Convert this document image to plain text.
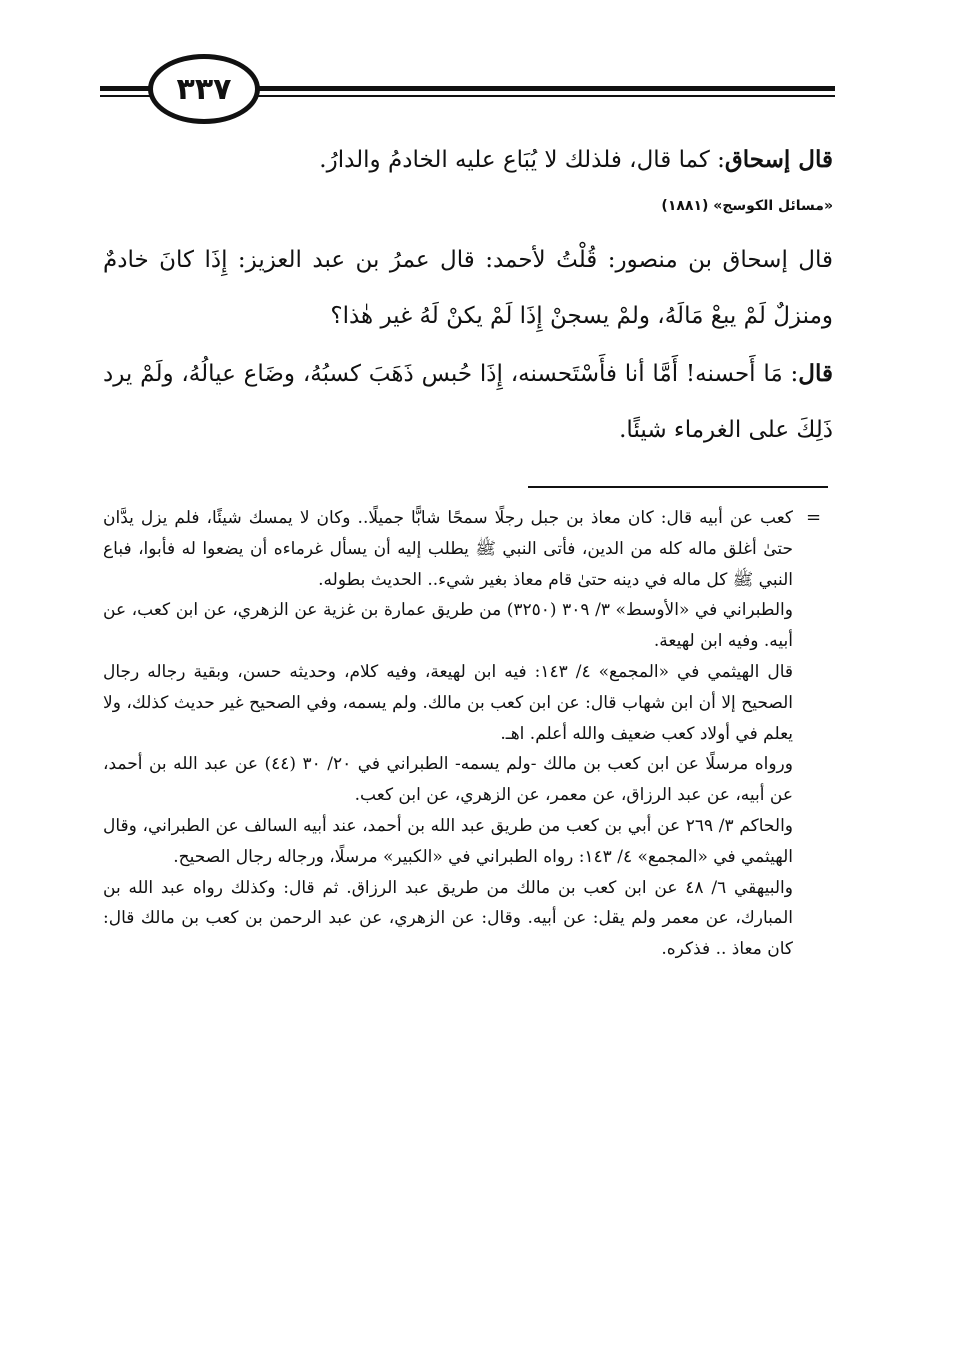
٣٣٧
قال إسحاق: كما قال، فلذلك لا يُبَاع عليه الخادمُ والدارُ.
«مسائل الكوسج» (١٨٨١)
قال إسحاق بن منصور: قُلْتُ لأحمد: قال عمرُ بن عبد العزيز: إِذَا كانَ خادمٌ ومنزلٌ لَمْ يبعْ مَالَهُ، ولمْ يسجنْ إِذَا لَمْ يكنْ لَهُ غير هٰذا؟
قال: مَا أَحسنه! أَمَّا أنا فأَسْتَحسنه، إِذَا حُبس ذَهَبَ كسبُهُ، وضَاع عيالُهُ، ولَمْ يرد ذَلِكَ على الغرماء شيئًا.
=

كعب عن أبيه قال: كان معاذ بن جبل رجلًا سمحًا شابًّا جميلًا.. وكان لا يمسك شيئًا، فلم يزل يدَّان حتىٰ أغلق ماله كله من الدين، فأتى النبي ﷺ يطلب إليه أن يسأل غرماءه أن يضعوا له فأبوا، فباع النبي ﷺ كل ماله في دينه حتىٰ قام معاذ بغير شيء.. الحديث بطوله.

والطبراني في «الأوسط» ٣/ ٣٠٩ (٣٢٥٠) من طريق عمارة بن غزية عن الزهري، عن ابن كعب، عن أبيه. وفيه ابن لهيعة.

قال الهيثمي في «المجمع» ٤/ ١٤٣: فيه ابن لهيعة، وفيه كلام، وحديثه حسن، وبقية رجاله رجال الصحيح إلا أن ابن شهاب قال: عن ابن كعب بن مالك. ولم يسمه، وفي الصحيح غير حديث كذلك، ولا يعلم في أولاد كعب ضعيف والله أعلم. اهـ.

ورواه مرسلًا عن ابن كعب بن مالك -ولم يسمه- الطبراني في ٢٠/ ٣٠ (٤٤) عن عبد الله بن أحمد، عن أبيه، عن عبد الرزاق، عن معمر، عن الزهري، عن ابن كعب.

والحاكم ٣/ ٢٦٩ عن أبي بن كعب من طريق عبد الله بن أحمد، عند أبيه السالف عن الطبراني، وقال الهيثمي في «المجمع» ٤/ ١٤٣: رواه الطبراني في «الكبير» مرسلًا، ورجاله رجال الصحيح.

والبيهقي ٦/ ٤٨ عن ابن كعب بن مالك من طريق عبد الرزاق. ثم قال: وكذلك رواه عبد الله بن المبارك، عن معمر ولم يقل: عن أبيه. وقال: عن الزهري، عن عبد الرحمن بن كعب بن مالك قال: كان معاذ .. فذكره.
